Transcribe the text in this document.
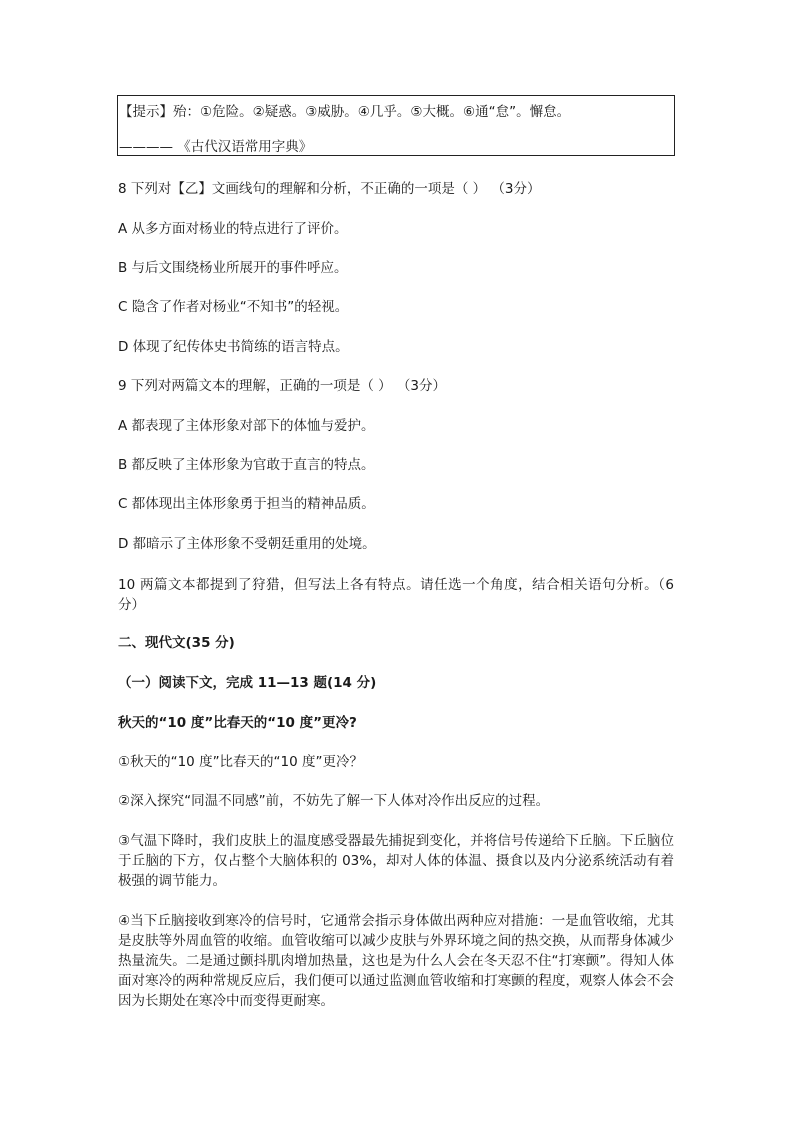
【提示】殆：①危险。②疑惑。③威胁。④几乎。⑤大概。⑥通“怠”。懈怠。
———— 《古代汉语常用字典》
8 下列对【乙】文画线句的理解和分析，不正确的一项是（ ） （3分）
A 从多方面对杨业的特点进行了评价。
B 与后文围绕杨业所展开的事件呼应。
C 隐含了作者对杨业“不知书”的轻视。
D 体现了纪传体史书简练的语言特点。
9 下列对两篇文本的理解，正确的一项是（ ） （3分）
A 都表现了主体形象对部下的体恤与爱护。
B 都反映了主体形象为官敢于直言的特点。
C 都体现出主体形象勇于担当的精神品质。
D 都暗示了主体形象不受朝廷重用的处境。
10 两篇文本都提到了狩猎，但写法上各有特点。请任选一个角度，结合相关语句分析。（6分）
二、现代文(35 分)
（一）阅读下文，完成 11—13 题(14 分)
秋天的“10 度”比春天的“10 度”更冷?
①秋天的“10 度”比春天的“10 度”更冷？
②深入探究“同温不同感”前，不妨先了解一下人体对冷作出反应的过程。
③气温下降时，我们皮肤上的温度感受器最先捕捉到变化，并将信号传递给下丘脑。下丘脑位于丘脑的下方，仅占整个大脑体积的 03%，却对人体的体温、摄食以及内分泌系统活动有着极强的调节能力。
④当下丘脑接收到寒冷的信号时，它通常会指示身体做出两种应对措施：一是血管收缩，尤其是皮肤等外周血管的收缩。血管收缩可以减少皮肤与外界环境之间的热交换，从而帮身体减少热量流失。二是通过颤抖肌肉增加热量，这也是为什么人会在冬天忍不住“打寒颤”。得知人体面对寒冷的两种常规反应后，我们便可以通过监测血管收缩和打寒颤的程度，观察人体会不会因为长期处在寒冷中而变得更耐寒。
